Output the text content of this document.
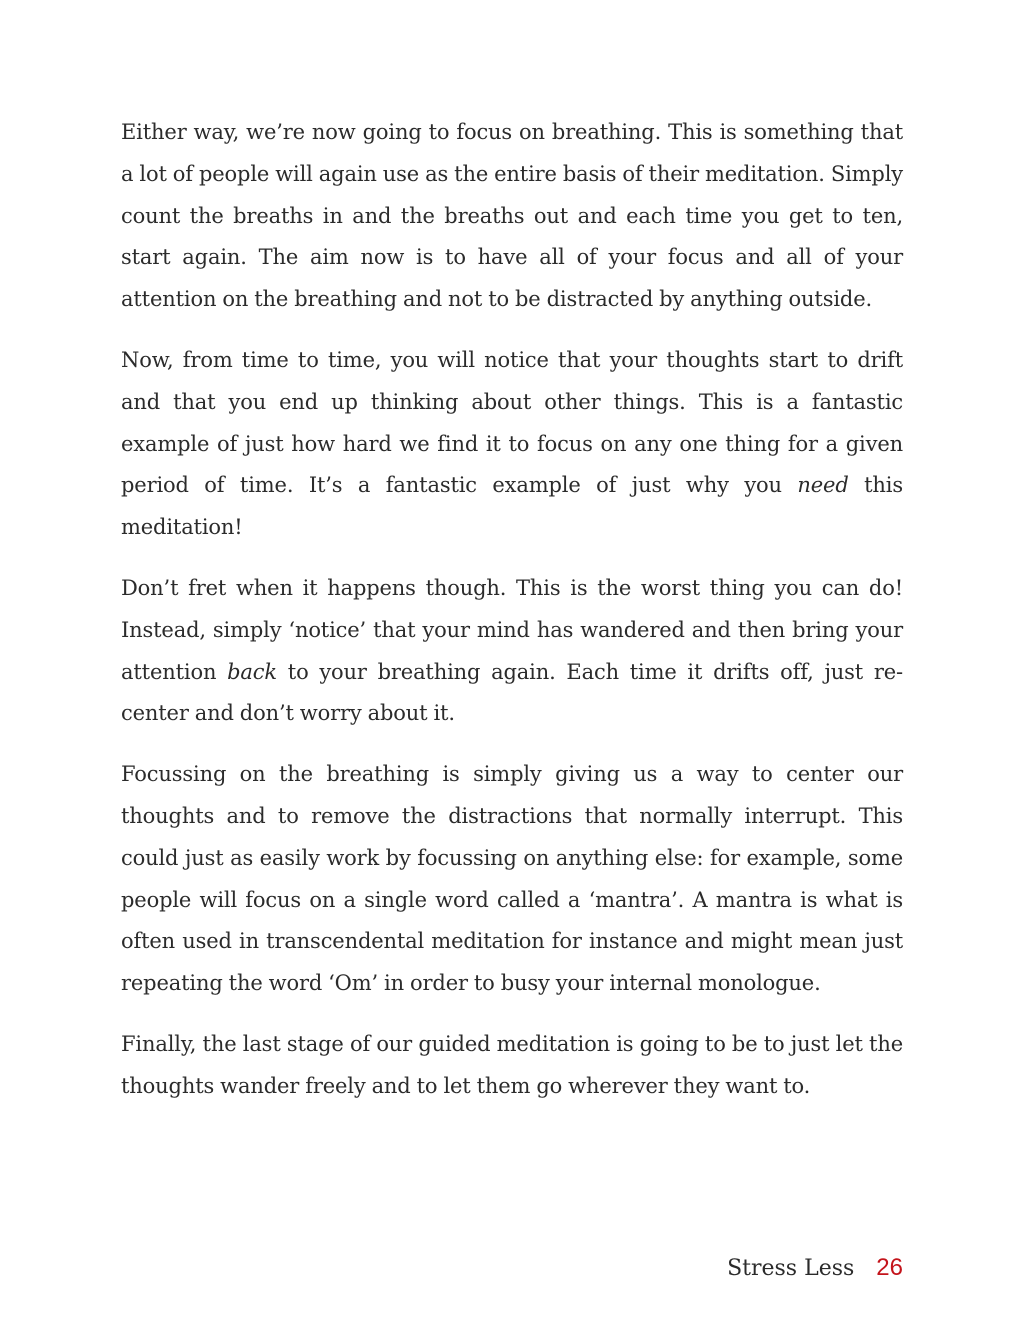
Either way, we’re now going to focus on breathing. This is something that a lot of people will again use as the entire basis of their meditation. Simply count the breaths in and the breaths out and each time you get to ten, start again. The aim now is to have all of your focus and all of your attention on the breathing and not to be distracted by anything outside.

Now, from time to time, you will notice that your thoughts start to drift and that you end up thinking about other things. This is a fantastic example of just how hard we find it to focus on any one thing for a given period of time. It’s a fantastic example of just why you need this meditation!

Don’t fret when it happens though. This is the worst thing you can do! Instead, simply ‘notice’ that your mind has wandered and then bring your attention back to your breathing again. Each time it drifts off, just re-center and don’t worry about it.

Focussing on the breathing is simply giving us a way to center our thoughts and to remove the distractions that normally interrupt. This could just as easily work by focussing on anything else: for example, some people will focus on a single word called a ‘mantra’. A mantra is what is often used in transcendental meditation for instance and might mean just repeating the word ‘Om’ in order to busy your internal monologue.

Finally, the last stage of our guided meditation is going to be to just let the thoughts wander freely and to let them go wherever they want to.

Stress Less 26
